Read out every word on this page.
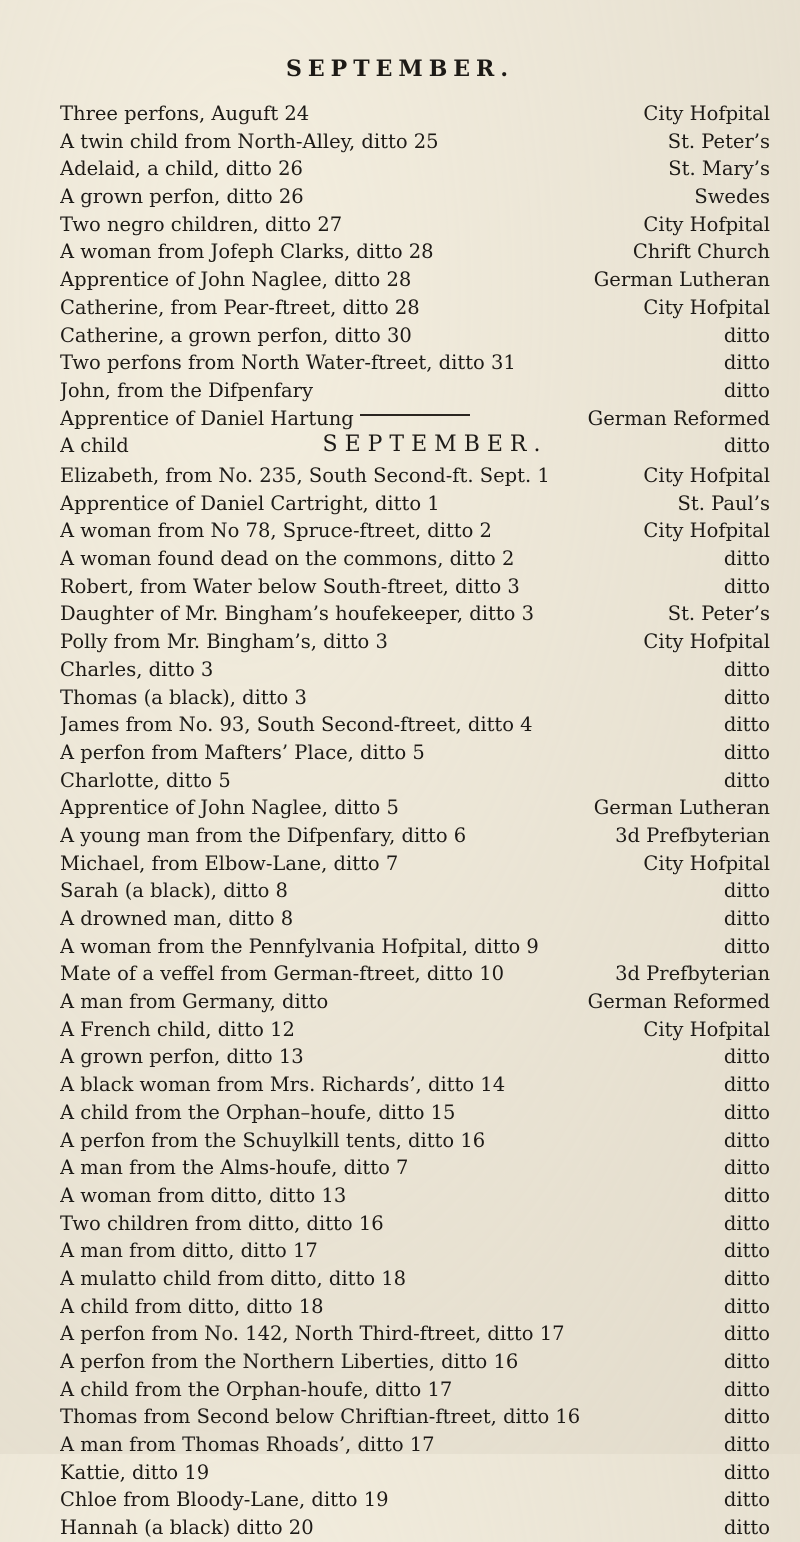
SEPTEMBER.
Three perfons, Auguft 24	City Hofpital
A twin child from North-Alley, ditto 25	St. Peter’s
Adelaid, a child, ditto 26	St. Mary’s
A grown perfon, ditto 26	Swedes
Two negro children, ditto 27	City Hofpital
A woman from Jofeph Clarks, ditto 28	Chrift Church
Apprentice of John Naglee, ditto 28	German Lutheran
Catherine, from Pear-ftreet, ditto 28	City Hofpital
Catherine, a grown perfon, ditto 30	ditto
Two perfons from North Water-ftreet, ditto 31	ditto
John, from the Difpenfary	ditto
Apprentice of Daniel Hartung	German Reformed
A child	ditto
SEPTEMBER.
Elizabeth, from No. 235, South Second-ft. Sept. 1	City Hofpital
Apprentice of Daniel Cartright, ditto 1	St. Paul’s
A woman from No 78, Spruce-ftreet, ditto 2	City Hofpital
A woman found dead on the commons, ditto 2	ditto
Robert, from Water below South-ftreet, ditto 3	ditto
Daughter of Mr. Bingham’s houfekeeper, ditto 3	St. Peter’s
Polly from Mr. Bingham’s, ditto 3	City Hofpital
Charles, ditto 3	ditto
Thomas (a black), ditto 3	ditto
James from No. 93, South Second-ftreet, ditto 4	ditto
A perfon from Mafters’ Place, ditto 5	ditto
Charlotte, ditto 5	ditto
Apprentice of John Naglee, ditto 5	German Lutheran
A young man from the Difpenfary, ditto 6	3d Prefbyterian
Michael, from Elbow-Lane, ditto 7	City Hofpital
Sarah (a black), ditto 8	ditto
A drowned man, ditto 8	ditto
A woman from the Pennfylvania Hofpital, ditto 9	ditto
Mate of a veffel from German-ftreet, ditto 10	3d Prefbyterian
A man from Germany, ditto	German Reformed
A French child, ditto 12	City Hofpital
A grown perfon, ditto 13	ditto
A black woman from Mrs. Richards’, ditto 14	ditto
A child from the Orphan–houfe, ditto 15	ditto
A perfon from the Schuylkill tents, ditto 16	ditto
A man from the Alms-houfe, ditto 7	ditto
A woman from ditto, ditto 13	ditto
Two children from ditto, ditto 16	ditto
A man from ditto, ditto 17	ditto
A mulatto child from ditto, ditto 18	ditto
A child from ditto, ditto 18	ditto
A perfon from No. 142, North Third-ftreet, ditto 17	ditto
A perfon from the Northern Liberties, ditto 16	ditto
A child from the Orphan-houfe, ditto 17	ditto
Thomas from Second below Chriftian-ftreet, ditto 16	ditto
A man from Thomas Rhoads’, ditto 17	ditto
Kattie, ditto 19	ditto
Chloe from Bloody-Lane, ditto 19	ditto
Hannah (a black) ditto 20	ditto
